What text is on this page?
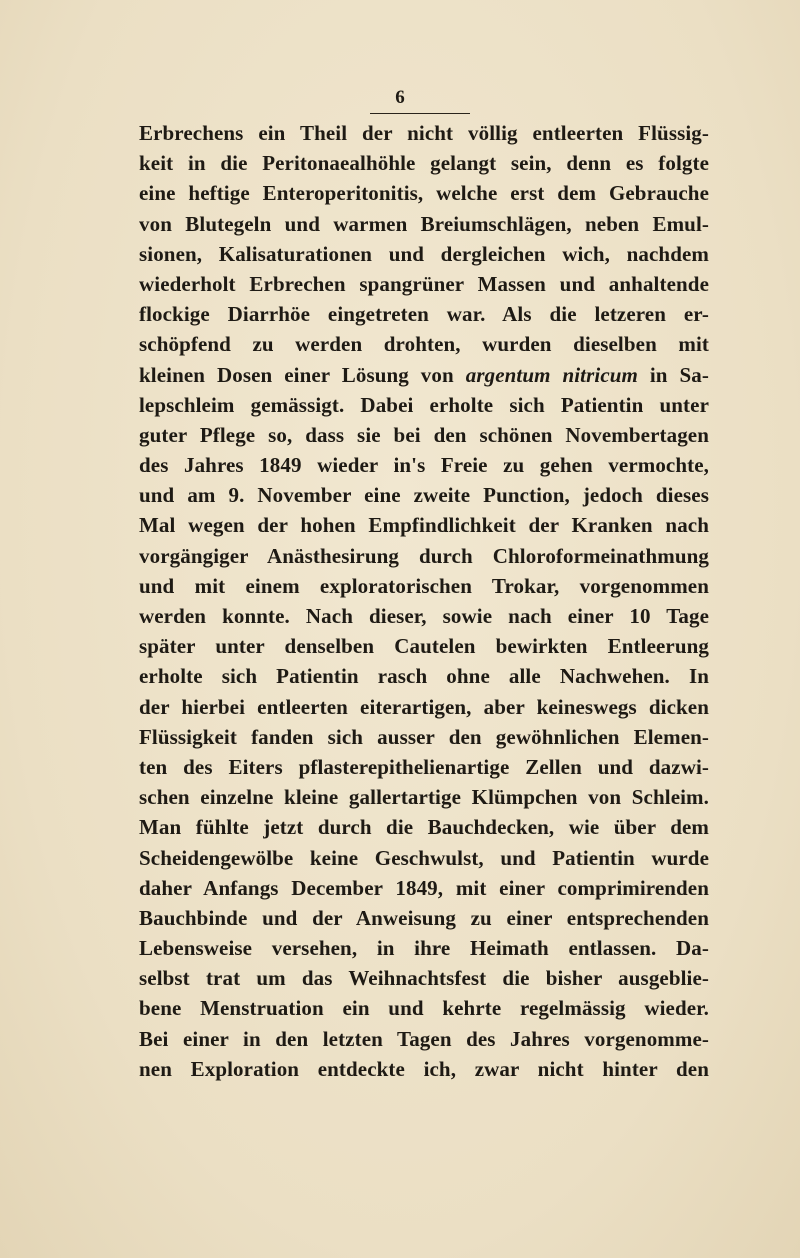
6
Erbrechens ein Theil der nicht völlig entleerten Flüssig-
keit in die Peritonaealhöhle gelangt sein, denn es folgte
eine heftige Enteroperitonitis, welche erst dem Gebrauche
von Blutegeln und warmen Breiumschlägen, neben Emul-
sionen, Kalisaturationen und dergleichen wich, nachdem
wiederholt Erbrechen spangrüner Massen und anhaltende
flockige Diarrhöe eingetreten war. Als die letzeren er-
schöpfend zu werden drohten, wurden dieselben mit
kleinen Dosen einer Lösung von argentum nitricum in Sa-
lepschleim gemässigt. Dabei erholte sich Patientin unter
guter Pflege so, dass sie bei den schönen Novembertagen
des Jahres 1849 wieder in's Freie zu gehen vermochte,
und am 9. November eine zweite Punction, jedoch dieses
Mal wegen der hohen Empfindlichkeit der Kranken nach
vorgängiger Anästhesirung durch Chloroformeinathmung
und mit einem exploratorischen Trokar, vorgenommen
werden konnte. Nach dieser, sowie nach einer 10 Tage
später unter denselben Cautelen bewirkten Entleerung
erholte sich Patientin rasch ohne alle Nachwehen. In
der hierbei entleerten eiterartigen, aber keineswegs dicken
Flüssigkeit fanden sich ausser den gewöhnlichen Elemen-
ten des Eiters pflasterepithelienartige Zellen und dazwi-
schen einzelne kleine gallertartige Klümpchen von Schleim.
Man fühlte jetzt durch die Bauchdecken, wie über dem
Scheidengewölbe keine Geschwulst, und Patientin wurde
daher Anfangs December 1849, mit einer comprimirenden
Bauchbinde und der Anweisung zu einer entsprechenden
Lebensweise versehen, in ihre Heimath entlassen. Da-
selbst trat um das Weihnachtsfest die bisher ausgeblie-
bene Menstruation ein und kehrte regelmässig wieder.
Bei einer in den letzten Tagen des Jahres vorgenomme-
nen Exploration entdeckte ich, zwar nicht hinter den
